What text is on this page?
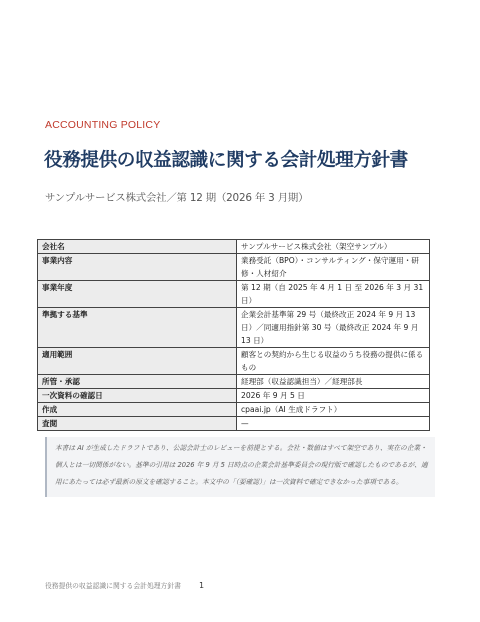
ACCOUNTING POLICY
役務提供の収益認識に関する会計処理方針書
サンプルサービス株式会社／第 12 期（2026 年 3 月期）
会社名	サンプルサービス株式会社（架空サンプル）
事業内容	業務受託（BPO）・コンサルティング・保守運用・研修・人材紹介
事業年度	第 12 期（自 2025 年 4 月 1 日 至 2026 年 3 月 31 日）
準拠する基準	企業会計基準第 29 号（最終改正 2024 年 9 月 13 日）／同適用指針第 30 号（最終改正 2024 年 9 月 13 日）
適用範囲	顧客との契約から生じる収益のうち役務の提供に係るもの
所管・承認	経理部（収益認識担当）／経理部長
一次資料の確認日	2026 年 9 月 5 日
作成	cpaai.jp（AI 生成ドラフト）
査閲	—
本書は AI が生成したドラフトであり、公認会計士のレビューを前提とする。会社・数値はすべて架空であり、実在の企業・個人とは一切関係がない。基準の引用は 2026 年 9 月 5 日時点の企業会計基準委員会の現行版で確認したものであるが、適用にあたっては必ず最新の原文を確認すること。本文中の「（要確認）」は一次資料で確定できなかった事項である。
役務提供の収益認識に関する会計処理方針書 1
